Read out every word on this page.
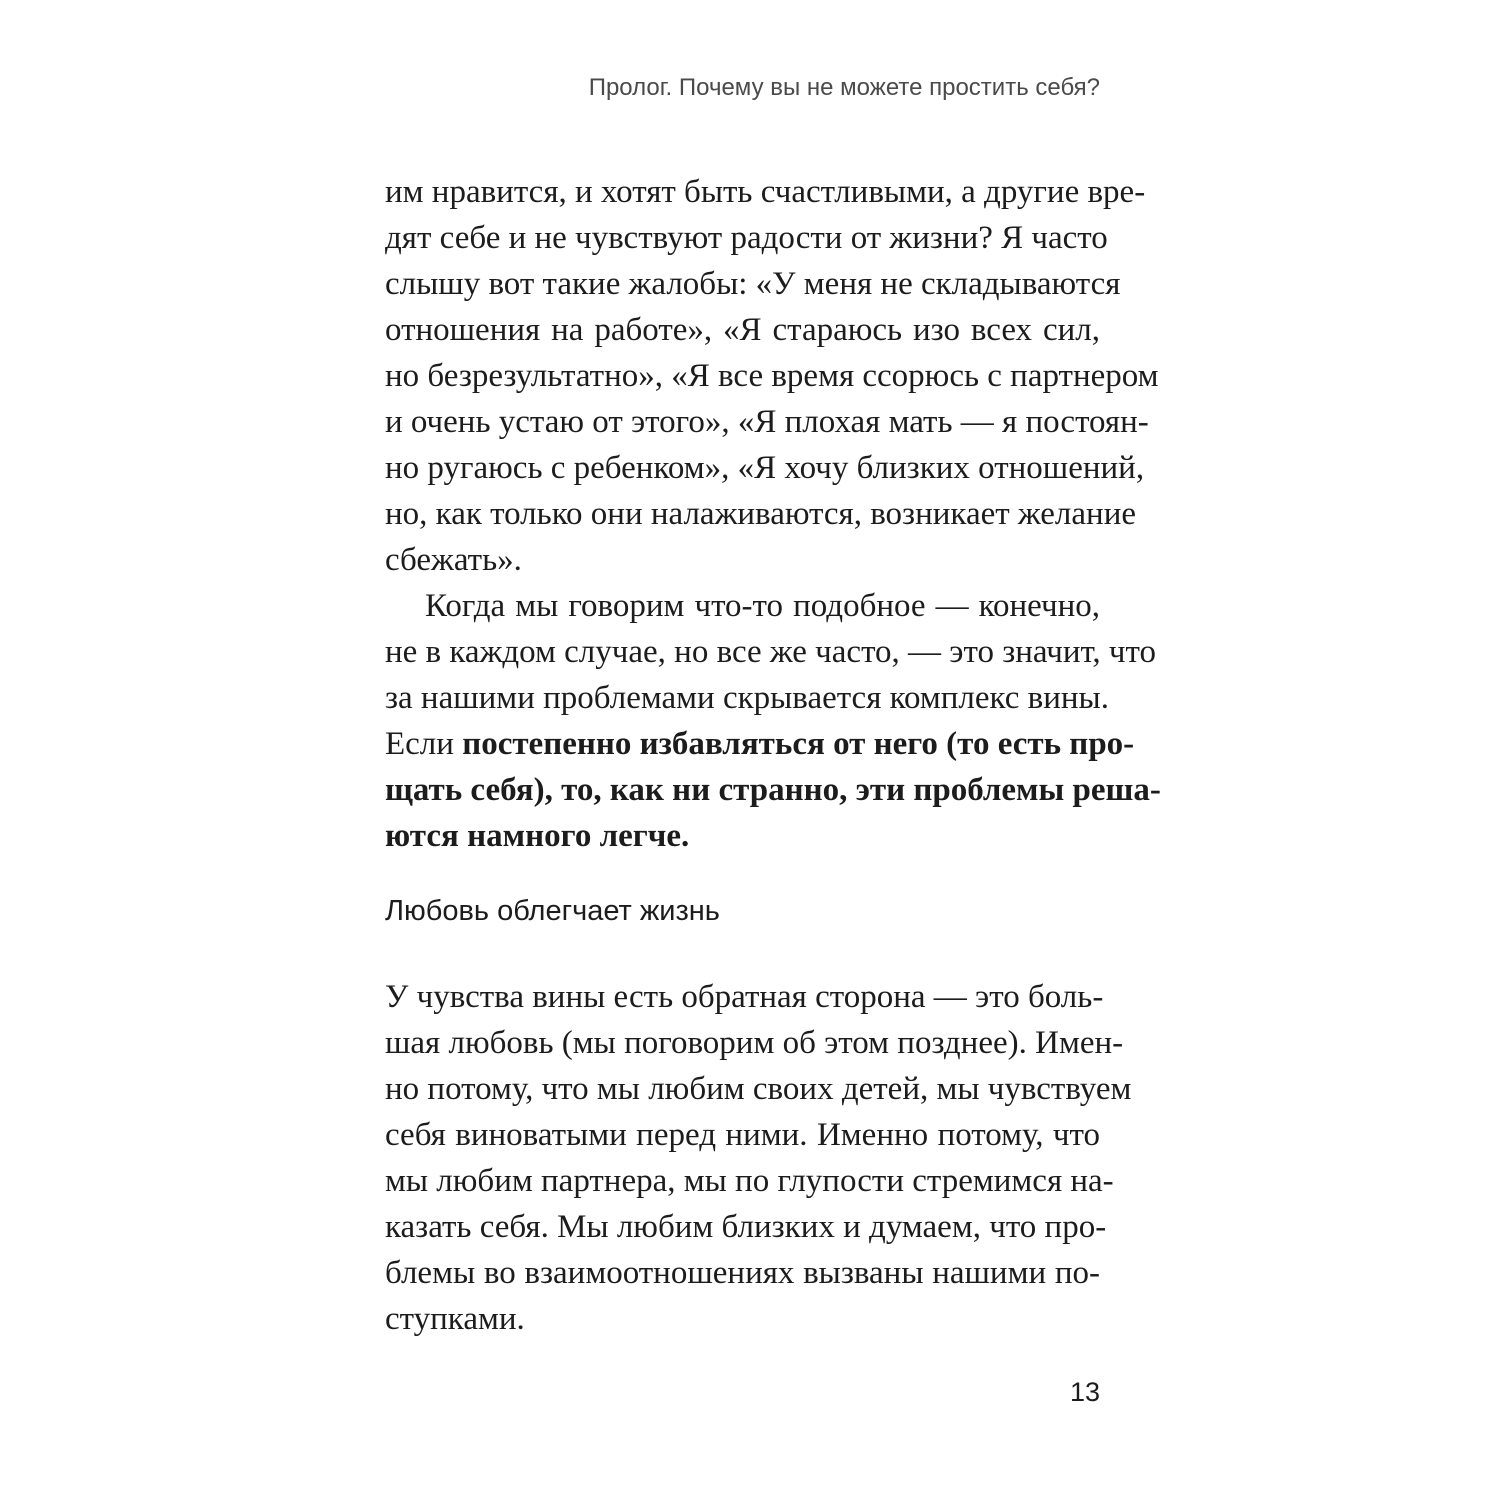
Пролог. Почему вы не можете простить себя?
им нравится, и хотят быть счастливыми, а другие вре-
дят себе и не чувствуют радости от жизни? Я часто
слышу вот такие жалобы: «У меня не складываются
отношения на работе», «Я стараюсь изо всех сил,
но безрезультатно», «Я все время ссорюсь с партнером
и очень устаю от этого», «Я плохая мать — я постоян-
но ругаюсь с ребенком», «Я хочу близких отношений,
но, как только они налаживаются, возникает желание
сбежать».
Когда мы говорим что-то подобное — конечно,
не в каждом случае, но все же часто, — это значит, что
за нашими проблемами скрывается комплекс вины.
Если постепенно избавляться от него (то есть про-
щать себя), то, как ни странно, эти проблемы реша-
ются намного легче.
Любовь облегчает жизнь
У чувства вины есть обратная сторона — это боль-
шая любовь (мы поговорим об этом позднее). Имен-
но потому, что мы любим своих детей, мы чувствуем
себя виноватыми перед ними. Именно потому, что
мы любим партнера, мы по глупости стремимся на-
казать себя. Мы любим близких и думаем, что про-
блемы во взаимоотношениях вызваны нашими по-
ступками.
13
